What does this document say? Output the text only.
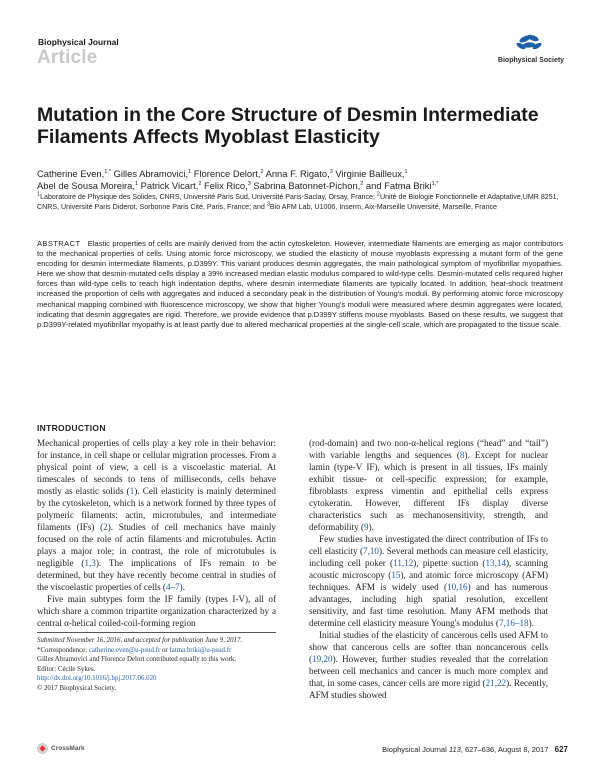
Biophysical Journal
Article	Biophysical Society
Mutation in the Core Structure of Desmin Intermediate Filaments Affects Myoblast Elasticity
Catherine Even,$^{1,*}$ Gilles Abramovici,$^1$ Florence Delort,$^2$ Anna F. Rigato,$^3$ Virginie Bailleux,$^1$
Abel de Sousa Moreira,$^1$ Patrick Vicart,$^2$ Felix Rico,$^3$ Sabrina Batonnet-Pichon,$^2$ and Fatma Briki$^{1,*}$
$^1$Laboratoire de Physique des Solides, CNRS, Université Paris Sud, Université Paris-Saclay, Orsay, France; $^2$Unité de Biologie Fonctionnelle et Adaptative,UMR 8251, CNRS, Université Paris Diderot, Sorbonne Paris Cité, Paris, France; and $^3$Bio AFM Lab, U1006, Inserm, Aix-Marseille Université, Marseille, France
ABSTRACT Elastic properties of cells are mainly derived from the actin cytoskeleton. However, intermediate filaments are emerging as major contributors to the mechanical properties of cells. Using atomic force microscopy, we studied the elasticity of mouse myoblasts expressing a mutant form of the gene encoding for desmin intermediate filaments, p.D399Y. This variant produces desmin aggregates, the main pathological symptom of myofibrillar myopathies. Here we show that desmin-mutated cells display a 39% increased median elastic modulus compared to wild-type cells. Desmin-mutated cells required higher forces than wild-type cells to reach high indentation depths, where desmin intermediate filaments are typically located. In addition, heat-shock treatment increased the proportion of cells with aggregates and induced a secondary peak in the distribution of Young's moduli. By performing atomic force microscopy mechanical mapping combined with fluorescence microscopy, we show that higher Young's moduli were measured where desmin aggregates were located, indicating that desmin aggregates are rigid. Therefore, we provide evidence that p.D399Y stiffens mouse myoblasts. Based on these results, we suggest that p.D399Y-related myofibrillar myopathy is at least partly due to altered mechanical properties at the single-cell scale, which are propagated to the tissue scale.
INTRODUCTION

Mechanical properties of cells play a key role in their behavior: for instance, in cell shape or cellular migration processes. From a physical point of view, a cell is a viscoelastic material. At timescales of seconds to tens of milliseconds, cells behave mostly as elastic solids (1). Cell elasticity is mainly determined by the cytoskeleton, which is a network formed by three types of polymeric filaments: actin, microtubules, and intermediate filaments (IFs) (2). Studies of cell mechanics have mainly focused on the role of actin filaments and microtubules. Actin plays a major role; in contrast, the role of microtubules is negligible (1,3). The implications of IFs remain to be determined, but they have recently become central in studies of the viscoelastic properties of cells (4–7).

Five main subtypes form the IF family (types I-V), all of which share a common tripartite organization characterized by a central α-helical coiled-coil-forming region

(rod-domain) and two non-α-helical regions (“head” and “tail”) with variable lengths and sequences (8). Except for nuclear lamin (type-V IF), which is present in all tissues, IFs mainly exhibit tissue- or cell-specific expression; for example, fibroblasts express vimentin and epithelial cells express cytokeratin. However, different IFs display diverse characteristics such as mechanosensitivity, strength, and deformability (9).

Few studies have investigated the direct contribution of IFs to cell elasticity (7,10). Several methods can measure cell elasticity, including cell poker (11,12), pipette suction (13,14), scanning acoustic microscopy (15), and atomic force microscopy (AFM) techniques. AFM is widely used (10,16) and has numerous advantages, including high spatial resolution, excellent sensitivity, and fast time resolution. Many AFM methods that determine cell elasticity measure Young's modulus (7,16–18).

Initial studies of the elasticity of cancerous cells used AFM to show that cancerous cells are softer than noncancerous cells (19,20). However, further studies revealed that the correlation between cell mechanics and cancer is much more complex and that, in some cases, cancer cells are more rigid (21,22). Recently, AFM studies showed

Submitted November 16, 2016, and accepted for publication June 9, 2017.
*Correspondence: catherine.even@u-psud.fr or fatma.briki@u-psud.fr
Gilles Abramovici and Florence Delort contributed equally to this work.
Editor: Cécile Sykes.
http://dx.doi.org/10.1016/j.bpj.2017.06.020
© 2017 Biophysical Society.
CrossMark	Biophysical Journal 113, 627–636, August 8, 2017 627
